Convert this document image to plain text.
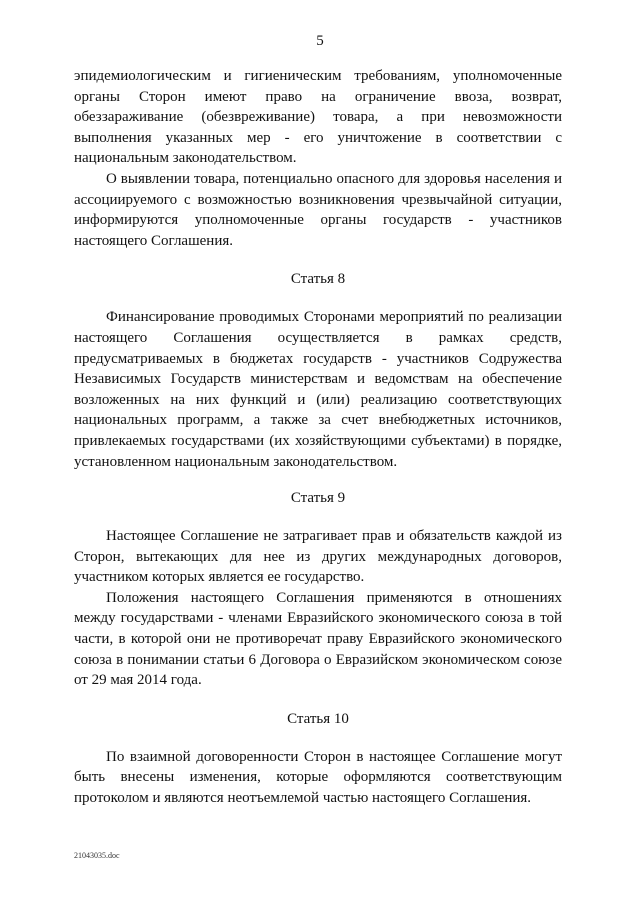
5

эпидемиологическим и гигиеническим требованиям, уполномоченные органы Сторон имеют право на ограничение ввоза, возврат, обеззараживание (обезвреживание) товара, а при невозможности выполнения указанных мер - его уничтожение в соответствии с национальным законодательством.

О выявлении товара, потенциально опасного для здоровья населения и ассоциируемого с возможностью возникновения чрезвычайной ситуации, информируются уполномоченные органы государств - участников настоящего Соглашения.

Статья 8

Финансирование проводимых Сторонами мероприятий по реализации настоящего Соглашения осуществляется в рамках средств, предусматриваемых в бюджетах государств - участников Содружества Независимых Государств министерствам и ведомствам на обеспечение возложенных на них функций и (или) реализацию соответствующих национальных программ, а также за счет внебюджетных источников, привлекаемых государствами (их хозяйствующими субъектами) в порядке, установленном национальным законодательством.

Статья 9

Настоящее Соглашение не затрагивает прав и обязательств каждой из Сторон, вытекающих для нее из других международных договоров, участником которых является ее государство.

Положения настоящего Соглашения применяются в отношениях между государствами - членами Евразийского экономического союза в той части, в которой они не противоречат праву Евразийского экономического союза в понимании статьи 6 Договора о Евразийском экономическом союзе от 29 мая 2014 года.

Статья 10

По взаимной договоренности Сторон в настоящее Соглашение могут быть внесены изменения, которые оформляются соответствующим протоколом и являются неотъемлемой частью настоящего Соглашения.

21043035.doc
